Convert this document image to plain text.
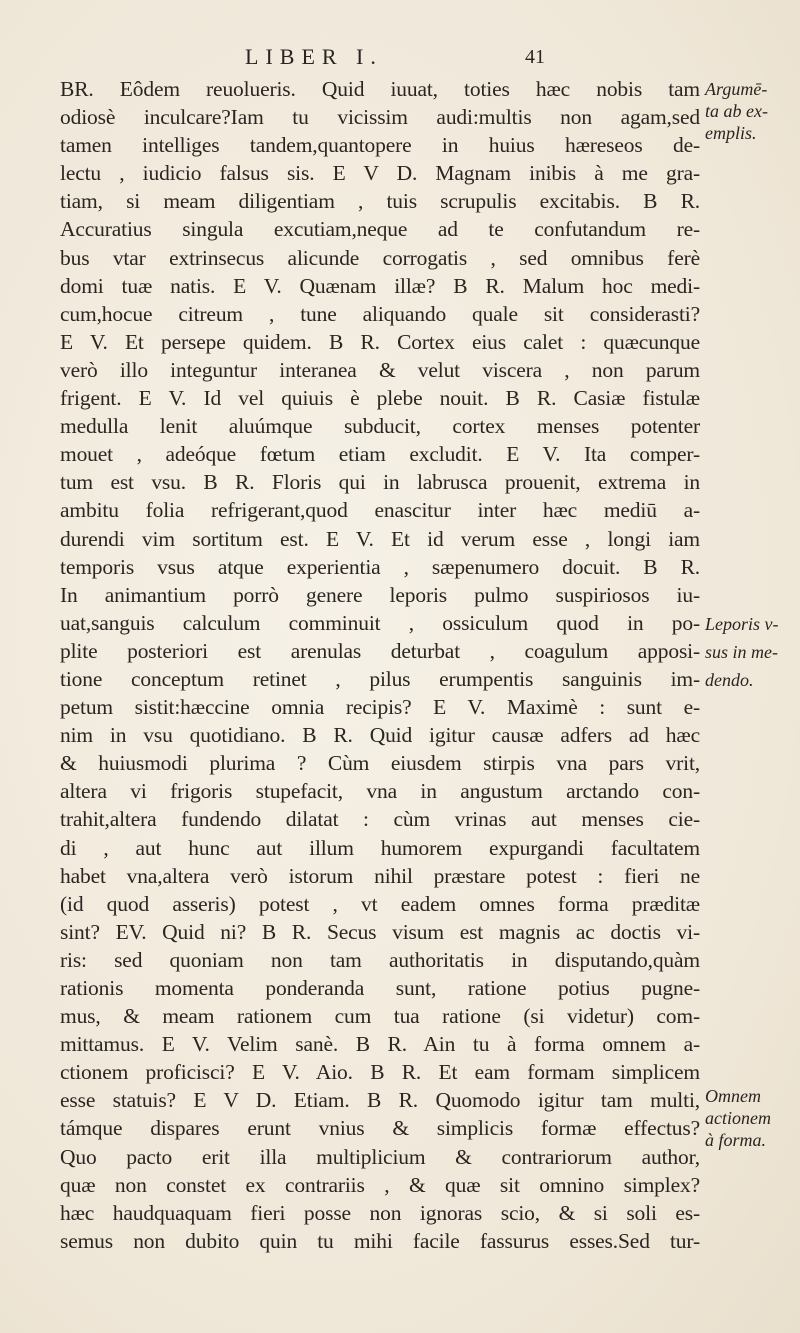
LIBER I.	41
BR. Eôdem reuolueris. Quid iuuat, toties hæc nobis tam
odiosè inculcare?Iam tu vicissim audi:multis non agam,sed
tamen intelliges tandem,quantopere in huius hæreseos de-
lectu , iudicio falsus sis. E V D. Magnam inibis à me gra-
tiam, si meam diligentiam , tuis scrupulis excitabis. B R.
Accuratius singula excutiam,neque ad te confutandum re-
bus vtar extrinsecus alicunde corrogatis , sed omnibus ferè
domi tuæ natis. E V. Quænam illæ? B R. Malum hoc medi-
cum,hocue citreum , tune aliquando quale sit considerasti?
E V. Et persepe quidem. B R. Cortex eius calet : quæcunque
verò illo integuntur interanea & velut viscera , non parum
frigent. E V. Id vel quiuis è plebe nouit. B R. Casiæ fistulæ
medulla lenit aluúmque subducit, cortex menses potenter
mouet , adeóque fœtum etiam excludit. E V. Ita comper-
tum est vsu. B R. Floris qui in labrusca prouenit, extrema in
ambitu folia refrigerant,quod enascitur inter hæc mediū a-
durendi vim sortitum est. E V. Et id verum esse , longi iam
temporis vsus atque experientia , sæpenumero docuit. B R.
In animantium porrò genere leporis pulmo suspiriosos iu-
uat,sanguis calculum comminuit , ossiculum quod in po-
plite posteriori est arenulas deturbat , coagulum apposi-
tione conceptum retinet , pilus erumpentis sanguinis im-
petum sistit:hæccine omnia recipis? E V. Maximè : sunt e-
nim in vsu quotidiano. B R. Quid igitur causæ adfers ad hæc
& huiusmodi plurima ? Cùm eiusdem stirpis vna pars vrit,
altera vi frigoris stupefacit, vna in angustum arctando con-
trahit,altera fundendo dilatat : cùm vrinas aut menses cie-
di , aut hunc aut illum humorem expurgandi facultatem
habet vna,altera verò istorum nihil præstare potest : fieri ne
(id quod asseris) potest , vt eadem omnes forma præditæ
sint? EV. Quid ni? B R. Secus visum est magnis ac doctis vi-
ris: sed quoniam non tam authoritatis in disputando,quàm
rationis momenta ponderanda sunt, ratione potius pugne-
mus, & meam rationem cum tua ratione (si videtur) com-
mittamus. E V. Velim sanè. B R. Ain tu à forma omnem a-
ctionem proficisci? E V. Aio. B R. Et eam formam simplicem
esse statuis? E V D. Etiam. B R. Quomodo igitur tam multi,
támque dispares erunt vnius & simplicis formæ effectus?
Quo pacto erit illa multiplicium & contrariorum author,
quæ non constet ex contrariis , & quæ sit omnino simplex?
hæc haudquaquam fieri posse non ignoras scio, & si soli es-
semus non dubito quin tu mihi facile fassurus esses.Sed tur-
Argumē-
ta ab ex-
emplis.
Leporis v-
sus in me-
dendo.
Omnem
actionem
à forma.
